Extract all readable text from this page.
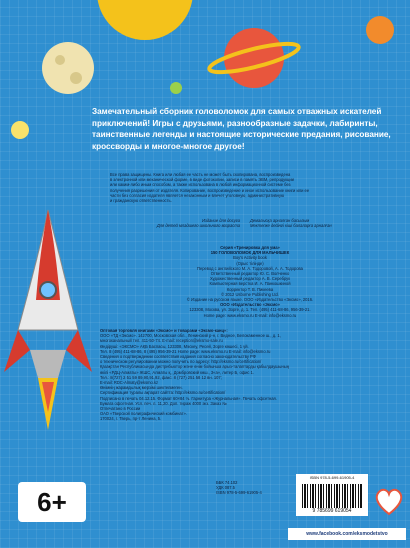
Замечательный сборник головоломок для самых отважных искателей приключений! Игры с друзьями, разнообразные задачки, лабиринты, таинственные легенды и настоящие исторические предания, рисование, кроссворды и многое-многое другое!
Все права защищены. Книга или любая ее часть не может быть скопирована, воспроизведена
в электронной или механической форме, в виде фотокопии, записи в память ЭВМ, репродукции
или каким-либо иным способом, а также использована в любой информационной системе без
получения разрешения от издателя. Копирование, воспроизведение и иное использование книги или ее
части без согласия издателя является незаконным и влечет уголовную, административную
и гражданскую ответственность.
Издание для досуга Демалысқа арналған басылым
Для детей младшего школьного возраста Мектепке дейінгі кіші балаларға арналған
Серия «Тренировка для ума»
150 ГОЛОВОЛОМОК ДЛЯ МАЛЬЧИШЕК
Boy's Activity book
(Орыс тілінде)
Перевод с английского М. А. Тодоровой, А. А. Тодорова
Ответственный редактор Ю. С. Волченко
Художественный редактор А. В. Серебрук
Компьютерная верстка И. А. Панкошкиной
Корректор Т. В. Пикеева
© 2012 Usborne Publishing Ltd.
© Издание на русском языке. ООО «Издательство «Эксмо», 2016.
ООО «Издательство «Эксмо»
123308, Москва, ул. Зорге, д. 1. Тел. (495) 411-68-86, 956-39-21.
Home page: www.eksmo.ru E-mail: info@eksmo.ru
Оптовая торговля книгами «Эксмо» и товарами «Эксмо-канц»:
ООО «ТД «Эксмо». 142700, Московская обл., Ленинский р-н, г. Видное, Белокаменное ш., д. 1,
многоканальный тел. 411-50-74. E-mail: reception@eksmo-sale.ru
Өндіруші: «ЭКСМО» АҚБ Баспасы, 123308, Мәскеу, Ресей, Зорге көшесі, 1 үй.
Тел. 8 (495) 411-68-86, 8 (495) 956-39-21 Home page: www.eksmo.ru E-mail: info@eksmo.ru
Сведения о подтверждении соответствия издания согласно законодательству РФ
о техническом регулировании можно получить по адресу: http://eksmo.ru/certification/
Қазақстан Республикасында дистрибьютор және өнім бойынша арыз-талаптарды қабылдаушының
өкілі «РДЦ-Алматы» ЖШС, Алматы қ., Домбровский көш., 3«а», литер Б, офис 1.
Тел.: 8(727) 2 51 59 89,90,91,92, факс: 8 (727) 251 58 12 вн. 107;
E-mail: RDC-Almaty@eksmo.kz
Өнімнің жарамдылық мерзімі шектелмеген.
Сертификация туралы ақпарат сайтта: http://eksmo.ru/certification/
Подписано в печать 04.12.15. Формат 60×84 ⅛. Гарнитура «Журнальная». Печать офсетная.
Бумага офсетная. Усл. печ. л. 11,20. Доп. тираж 4000 экз. Заказ №
Отпечатано в России
ОАО «Тверской полиграфический комбинат».
170024, г. Тверь, пр-т Ленина, 5.
ББК 74.102
УДК 087.5
ISBN 978-5-699-61905-4
6+
ISBN 978-5-699-61905-4
9 785699 619054
www.facebook.com/eksmodetstvo
